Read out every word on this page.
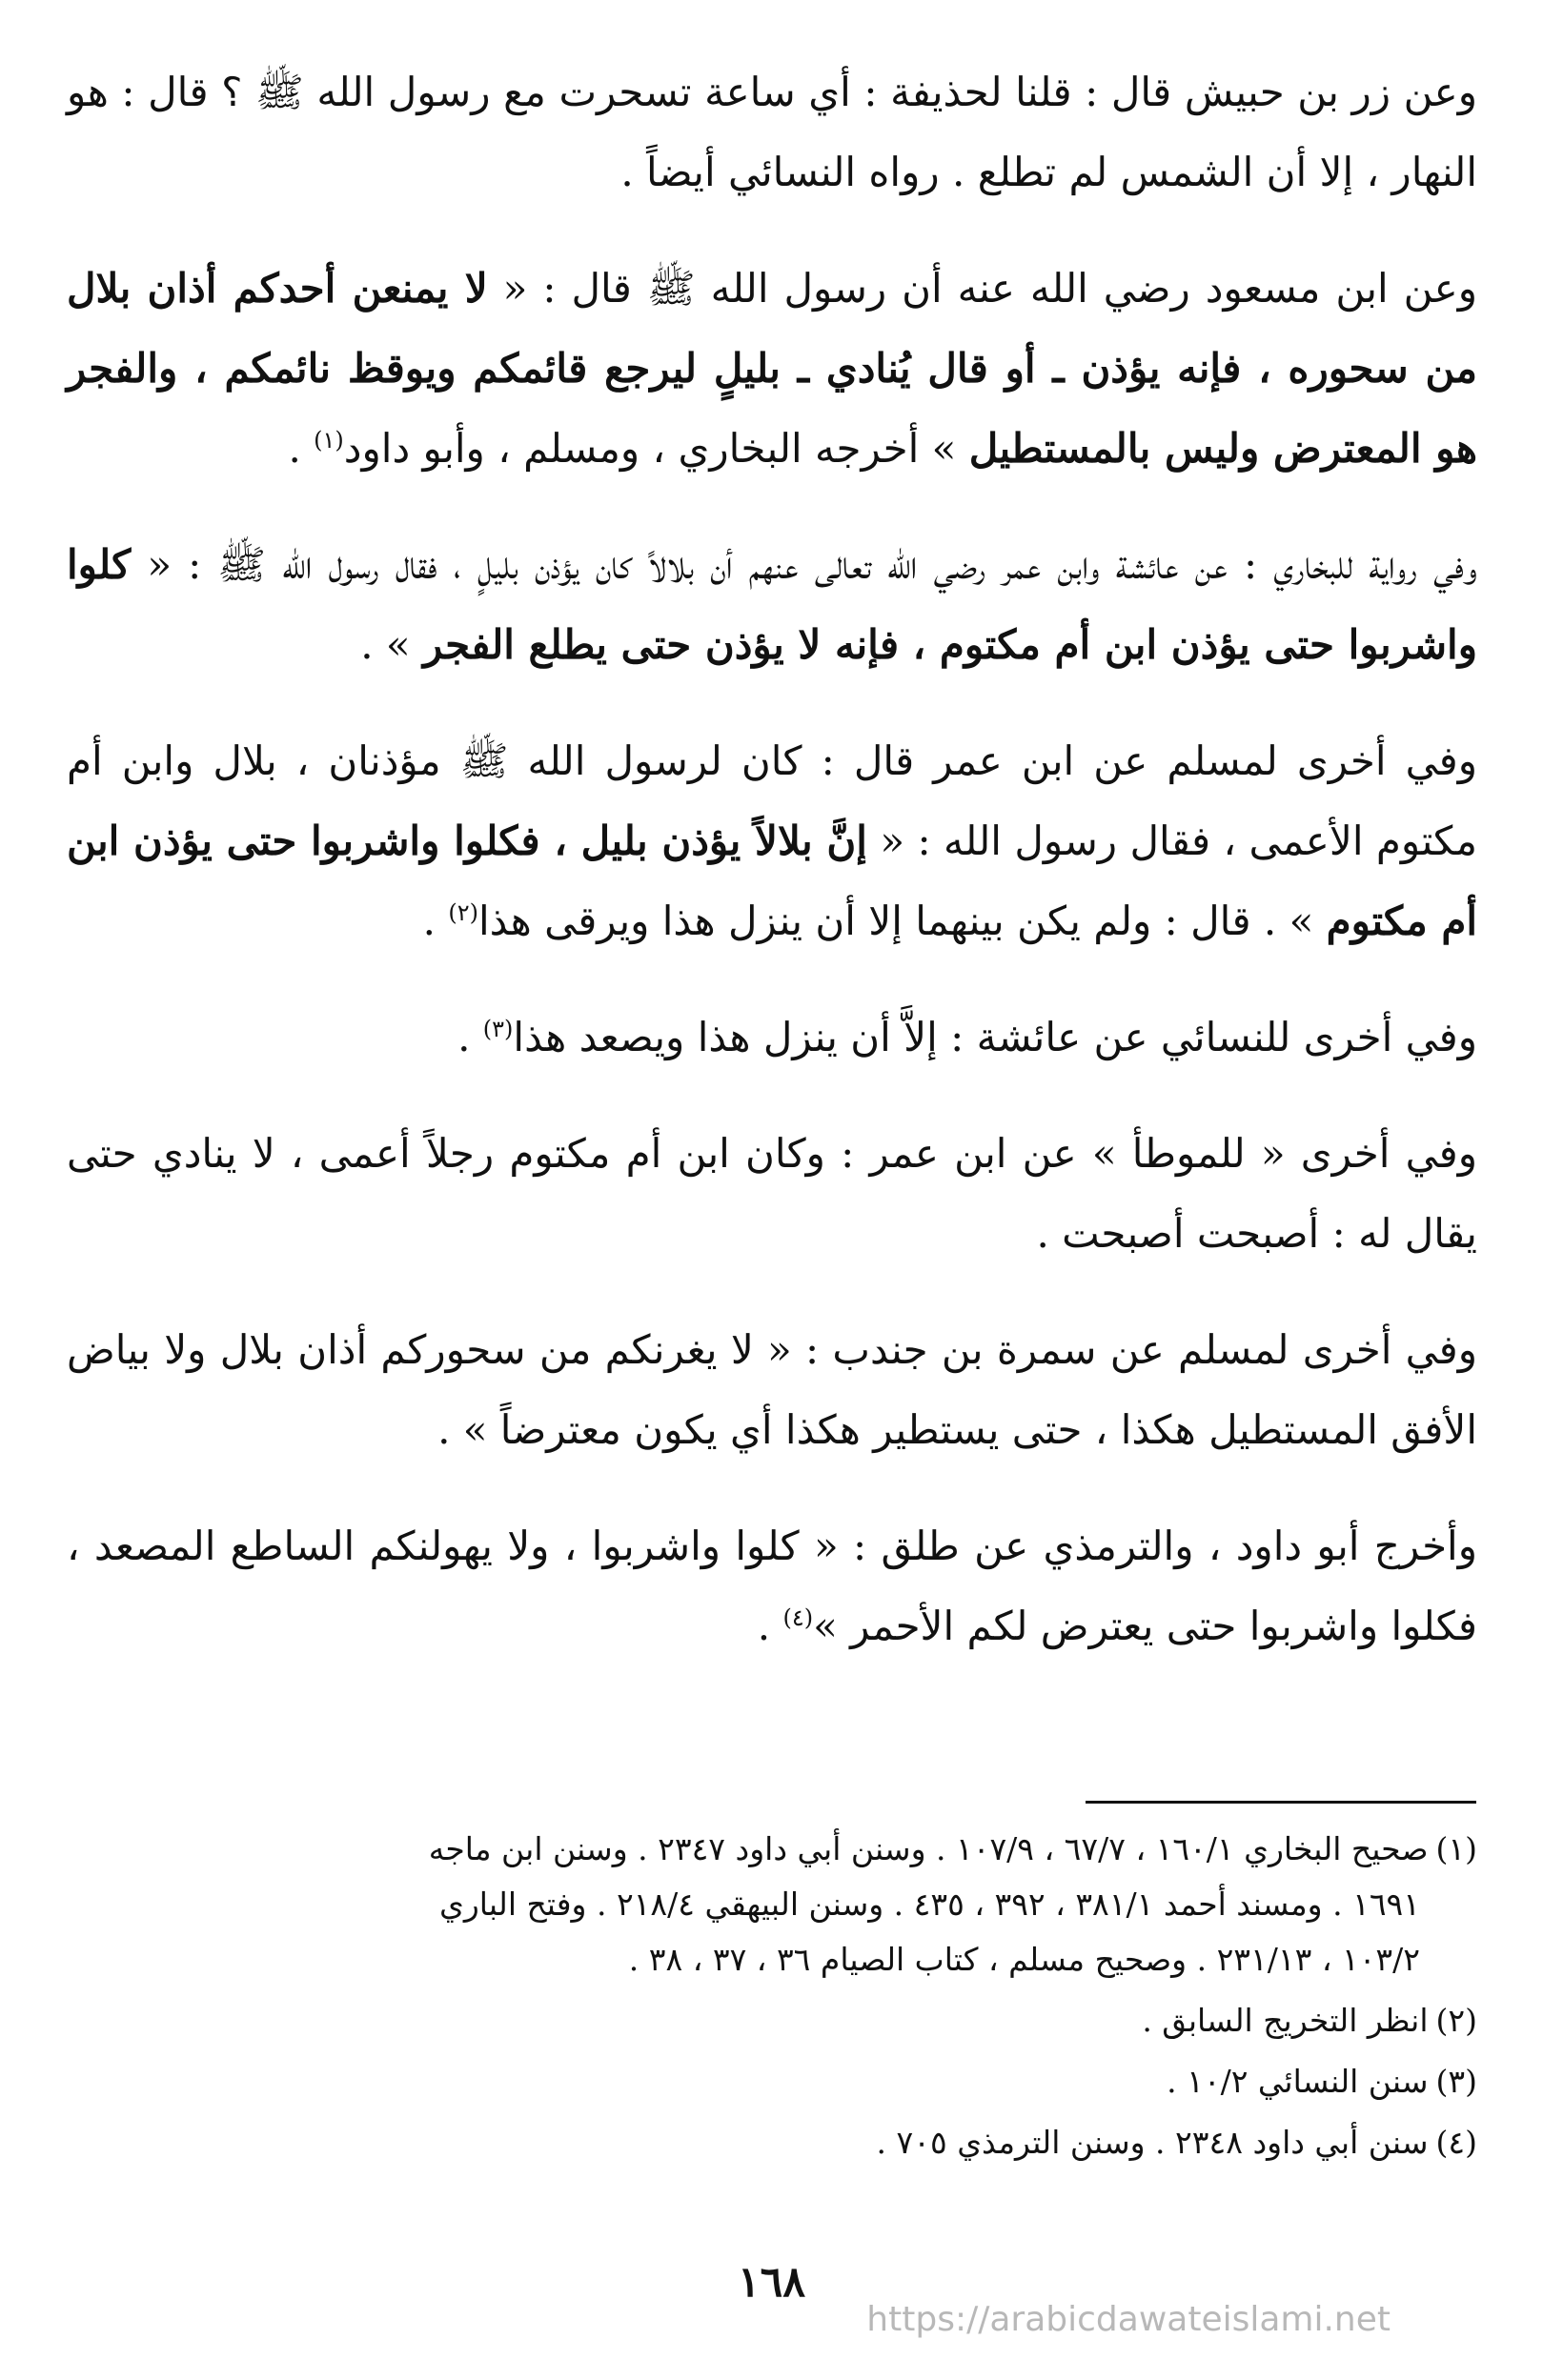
وعن زر بن حبيش قال : قلنا لحذيفة : أي ساعة تسحرت مع رسول الله ﷺ ؟ قال : هو النهار ، إلا أن الشمس لم تطلع . رواه النسائي أيضاً .

وعن ابن مسعود رضي الله عنه أن رسول الله ﷺ قال : « لا يمنعن أحدكم أذان بلال من سحوره ، فإنه يؤذن ـ أو قال يُنادي ـ بليلٍ ليرجع قائمكم ويوقظ نائمكم ، والفجر هو المعترض وليس بالمستطيل » أخرجه البخاري ، ومسلم ، وأبو داود$^{(١)}$ .

وفي رواية للبخاري : عن عائشة وابن عمر رضي الله تعالى عنهم أن بلالاً كان يؤذن بليلٍ ، فقال رسول الله ﷺ : « كلوا واشربوا حتى يؤذن ابن أم مكتوم ، فإنه لا يؤذن حتى يطلع الفجر » .

وفي أخرى لمسلم عن ابن عمر قال : كان لرسول الله ﷺ مؤذنان ، بلال وابن أم مكتوم الأعمى ، فقال رسول الله : « إنَّ بلالاً يؤذن بليل ، فكلوا واشربوا حتى يؤذن ابن أم مكتوم » . قال : ولم يكن بينهما إلا أن ينزل هذا ويرقى هذا$^{(٢)}$ .

وفي أخرى للنسائي عن عائشة : إلاَّ أن ينزل هذا ويصعد هذا$^{(٣)}$ .

وفي أخرى « للموطأ » عن ابن عمر : وكان ابن أم مكتوم رجلاً أعمى ، لا ينادي حتى يقال له : أصبحت أصبحت .

وفي أخرى لمسلم عن سمرة بن جندب : « لا يغرنكم من سحوركم أذان بلال ولا بياض الأفق المستطيل هكذا ، حتى يستطير هكذا أي يكون معترضاً » .

وأخرج أبو داود ، والترمذي عن طلق : « كلوا واشربوا ، ولا يهولنكم الساطع المصعد ، فكلوا واشربوا حتى يعترض لكم الأحمر »$^{(٤)}$ .

(١)صحيح البخاري ١٦٠/١ ، ٦٧/٧ ، ١٠٧/٩ . وسنن أبي داود ٢٣٤٧ . وسنن ابن ماجه
١٦٩١ . ومسند أحمد ٣٨١/١ ، ٣٩٢ ، ٤٣٥ . وسنن البيهقي ٢١٨/٤ . وفتح الباري
١٠٣/٢ ، ٢٣١/١٣ . وصحيح مسلم ، كتاب الصيام ٣٦ ، ٣٧ ، ٣٨ .
(٢)انظر التخريج السابق .
(٣)سنن النسائي ١٠/٢ .
(٤)سنن أبي داود ٢٣٤٨ . وسنن الترمذي ٧٠٥ .
١٦٨
https://arabicdawateislami.net
